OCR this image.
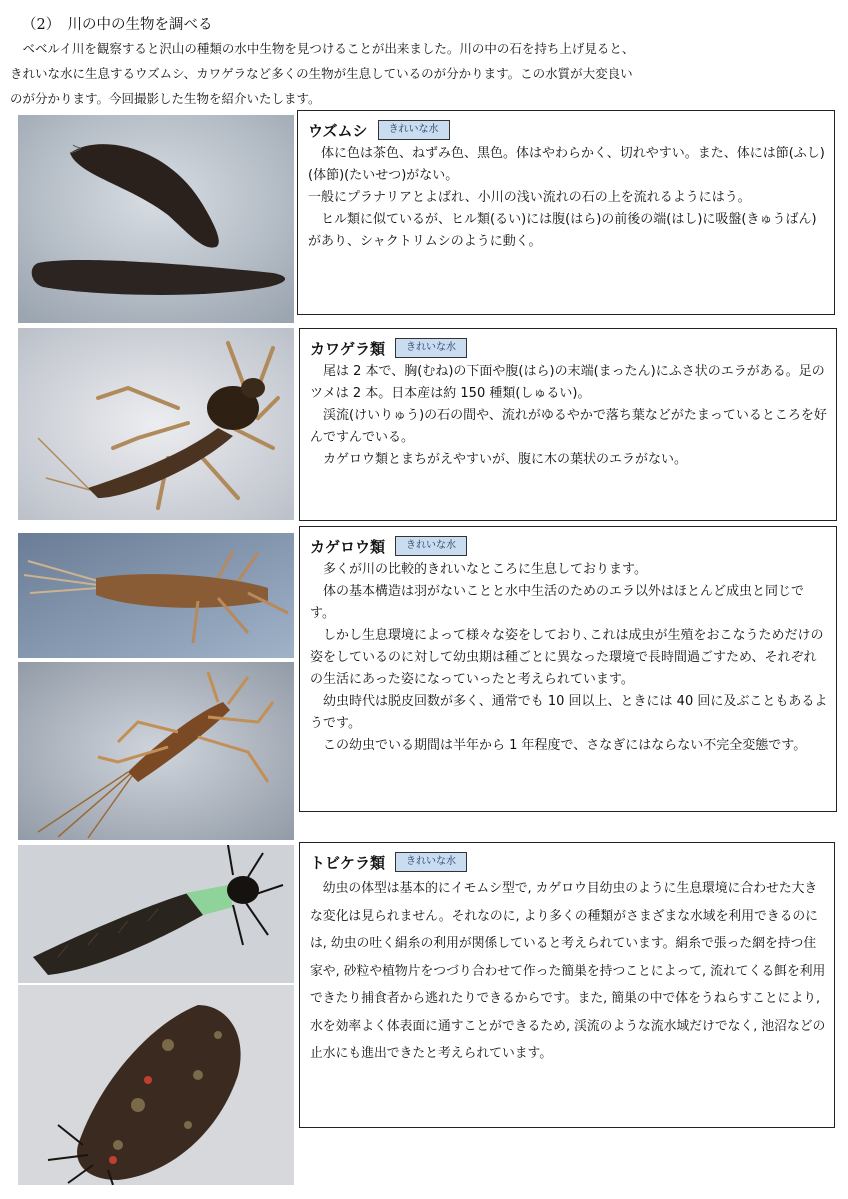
（2）　川の中の生物を調べる
　ベベルイ川を観察すると沢山の種類の水中生物を見つけることが出来ました。川の中の石を持ち上げ見ると、
きれいな水に生息するウズムシ、カワゲラなど多くの生物が生息しているのが分かります。この水質が大変良い
のが分かります。今回撮影した生物を紹介いたします。
ウズムシ	きれいな水

体に色は茶色、ねずみ色、黒色。体はやわらかく、切れやすい。また、体には節(ふし)(体節)(たいせつ)がない。

一般にプラナリアとよばれ、小川の浅い流れの石の上を流れるようにはう。

ヒル類に似ているが、ヒル類(るい)には腹(はら)の前後の端(はし)に吸盤(きゅうばん)があり、シャクトリムシのように動く。

カワゲラ類	きれいな水

尾は 2 本で、胸(むね)の下面や腹(はら)の末端(まったん)にふさ状のエラがある。足のツメは 2 本。日本産は約 150 種類(しゅるい)。

渓流(けいりゅう)の石の間や、流れがゆるやかで落ち葉などがたまっているところを好んですんでいる。

カゲロウ類とまちがえやすいが、腹に木の葉状のエラがない。

カゲロウ類	きれいな水

多くが川の比較的きれいなところに生息しております。

体の基本構造は羽がないことと水中生活のためのエラ以外はほとんど成虫と同じです。

しかし生息環境によって様々な姿をしており､これは成虫が生殖をおこなうためだけの姿をしているのに対して幼虫期は種ごとに異なった環境で長時間過ごすため、それぞれの生活にあった姿になっていったと考えられています。

幼虫時代は脱皮回数が多く、通常でも 10 回以上、ときには 40 回に及ぶこともあるようです。

この幼虫でいる期間は半年から 1 年程度で、さなぎにはならない不完全変態です。

トビケラ類	きれいな水

幼虫の体型は基本的にイモムシ型で, カゲロウ目幼虫のように生息環境に合わせた大きな変化は見られません。それなのに, より多くの種類がさまざまな水域を利用できるのには, 幼虫の吐く絹糸の利用が関係していると考えられています。絹糸で張った網を持つ住家や, 砂粒や植物片をつづり合わせて作った簡巣を持つことによって, 流れてくる餌を利用できたり捕食者から逃れたりできるからです。また, 簡巣の中で体をうねらすことにより, 水を効率よく体表面に通すことができるため, 渓流のような流水域だけでなく, 池沼などの止水にも進出できたと考えられています。
